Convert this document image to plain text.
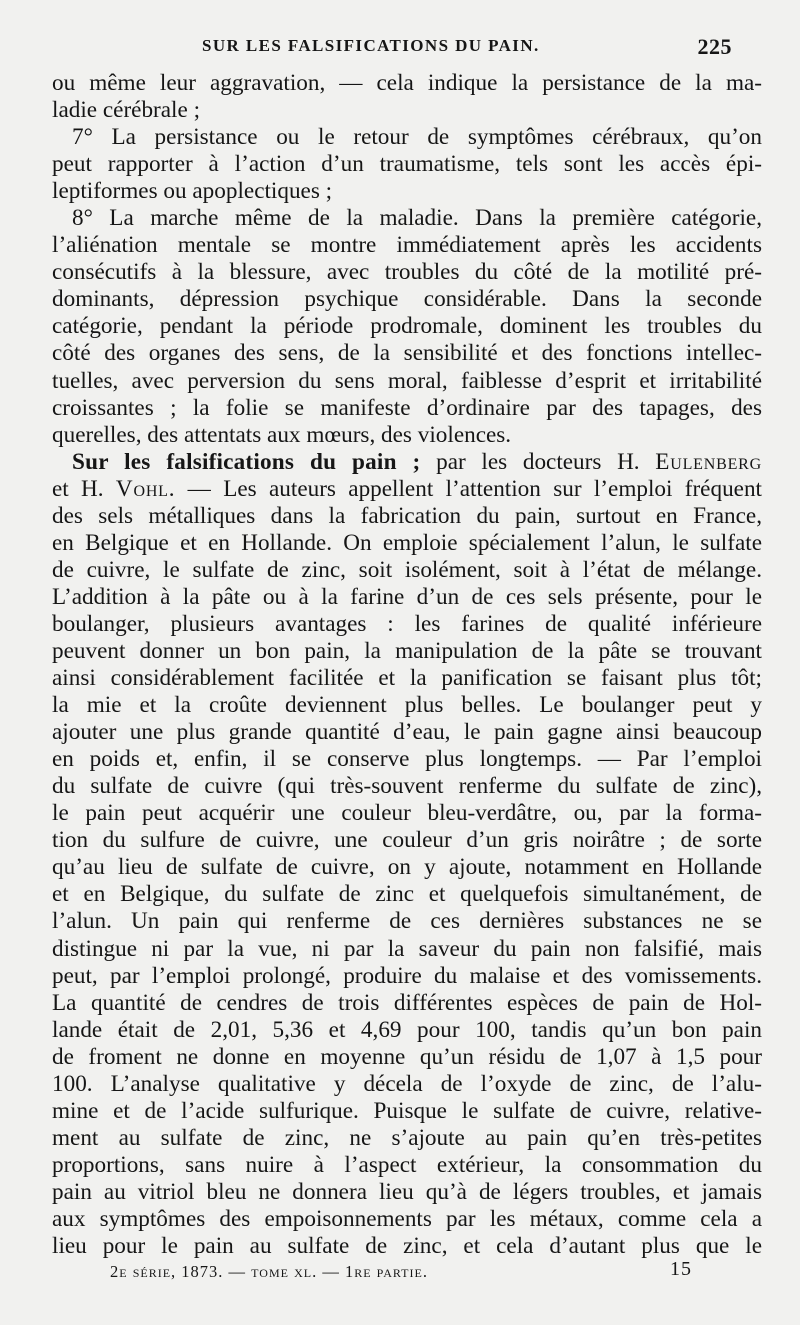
SUR LES FALSIFICATIONS DU PAIN.	225
ou même leur aggravation, — cela indique la persistance de la ma-
ladie cérébrale ;
7° La persistance ou le retour de symptômes cérébraux, qu’on
peut rapporter à l’action d’un traumatisme, tels sont les accès épi-
leptiformes ou apoplectiques ;
8° La marche même de la maladie. Dans la première catégorie,
l’aliénation mentale se montre immédiatement après les accidents
consécutifs à la blessure, avec troubles du côté de la motilité pré-
dominants, dépression psychique considérable. Dans la seconde
catégorie, pendant la période prodromale, dominent les troubles du
côté des organes des sens, de la sensibilité et des fonctions intellec-
tuelles, avec perversion du sens moral, faiblesse d’esprit et irritabilité
croissantes ; la folie se manifeste d’ordinaire par des tapages, des
querelles, des attentats aux mœurs, des violences.
Sur les falsifications du pain ; par les docteurs H. Eulenberg
et H. Vohl. — Les auteurs appellent l’attention sur l’emploi fréquent
des sels métalliques dans la fabrication du pain, surtout en France,
en Belgique et en Hollande. On emploie spécialement l’alun, le sulfate
de cuivre, le sulfate de zinc, soit isolément, soit à l’état de mélange.
L’addition à la pâte ou à la farine d’un de ces sels présente, pour le
boulanger, plusieurs avantages : les farines de qualité inférieure
peuvent donner un bon pain, la manipulation de la pâte se trouvant
ainsi considérablement facilitée et la panification se faisant plus tôt;
la mie et la croûte deviennent plus belles. Le boulanger peut y
ajouter une plus grande quantité d’eau, le pain gagne ainsi beaucoup
en poids et, enfin, il se conserve plus longtemps. — Par l’emploi
du sulfate de cuivre (qui très-souvent renferme du sulfate de zinc),
le pain peut acquérir une couleur bleu-verdâtre, ou, par la forma-
tion du sulfure de cuivre, une couleur d’un gris noirâtre ; de sorte
qu’au lieu de sulfate de cuivre, on y ajoute, notamment en Hollande
et en Belgique, du sulfate de zinc et quelquefois simultanément, de
l’alun. Un pain qui renferme de ces dernières substances ne se
distingue ni par la vue, ni par la saveur du pain non falsifié, mais
peut, par l’emploi prolongé, produire du malaise et des vomissements.
La quantité de cendres de trois différentes espèces de pain de Hol-
lande était de 2,01, 5,36 et 4,69 pour 100, tandis qu’un bon pain
de froment ne donne en moyenne qu’un résidu de 1,07 à 1,5 pour
100. L’analyse qualitative y décela de l’oxyde de zinc, de l’alu-
mine et de l’acide sulfurique. Puisque le sulfate de cuivre, relative-
ment au sulfate de zinc, ne s’ajoute au pain qu’en très-petites
proportions, sans nuire à l’aspect extérieur, la consommation du
pain au vitriol bleu ne donnera lieu qu’à de légers troubles, et jamais
aux symptômes des empoisonnements par les métaux, comme cela a
lieu pour le pain au sulfate de zinc, et cela d’autant plus que le
2e série, 1873. — tome xl. — 1re partie.	15
